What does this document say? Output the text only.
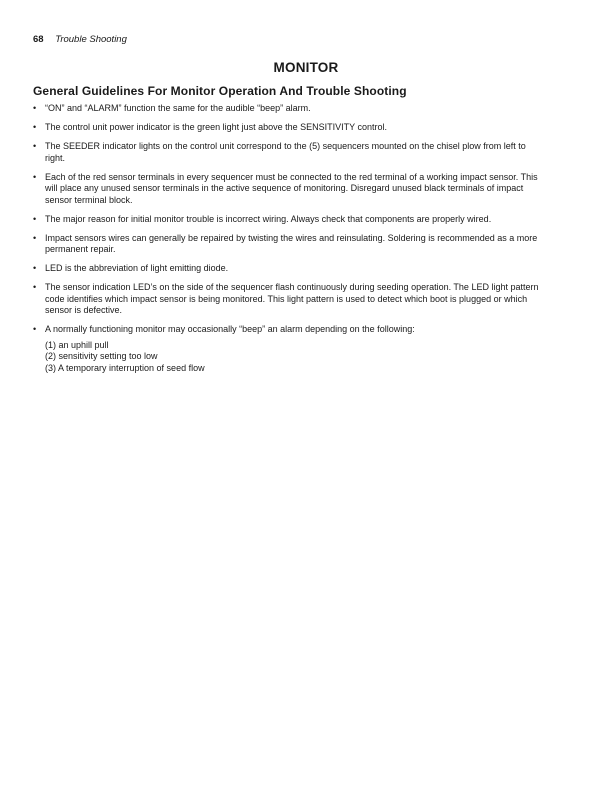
68 Trouble Shooting
MONITOR
General Guidelines For Monitor Operation And Trouble Shooting
• “ON” and “ALARM” function the same for the audible “beep” alarm.
• The control unit power indicator is the green light just above the SENSITIVITY control.
• The SEEDER indicator lights on the control unit correspond to the (5) sequencers mounted on the chisel plow from left to right.
• Each of the red sensor terminals in every sequencer must be connected to the red terminal of a working impact sensor. This will place any unused sensor terminals in the active sequence of monitoring. Disregard unused black terminals of impact sensor terminal block.
• The major reason for initial monitor trouble is incorrect wiring. Always check that components are properly wired.
• Impact sensors wires can generally be repaired by twisting the wires and reinsulating. Soldering is recommended as a more permanent repair.
• LED is the abbreviation of light emitting diode.
• The sensor indication LED’s on the side of the sequencer flash continuously during seeding operation. The LED light pattern code identifies which impact sensor is being monitored. This light pattern is used to detect which boot is plugged or which sensor is defective.
• A normally functioning monitor may occasionally “beep” an alarm depending on the following:
(1) an uphill pull
(2) sensitivity setting too low
(3) A temporary interruption of seed flow
